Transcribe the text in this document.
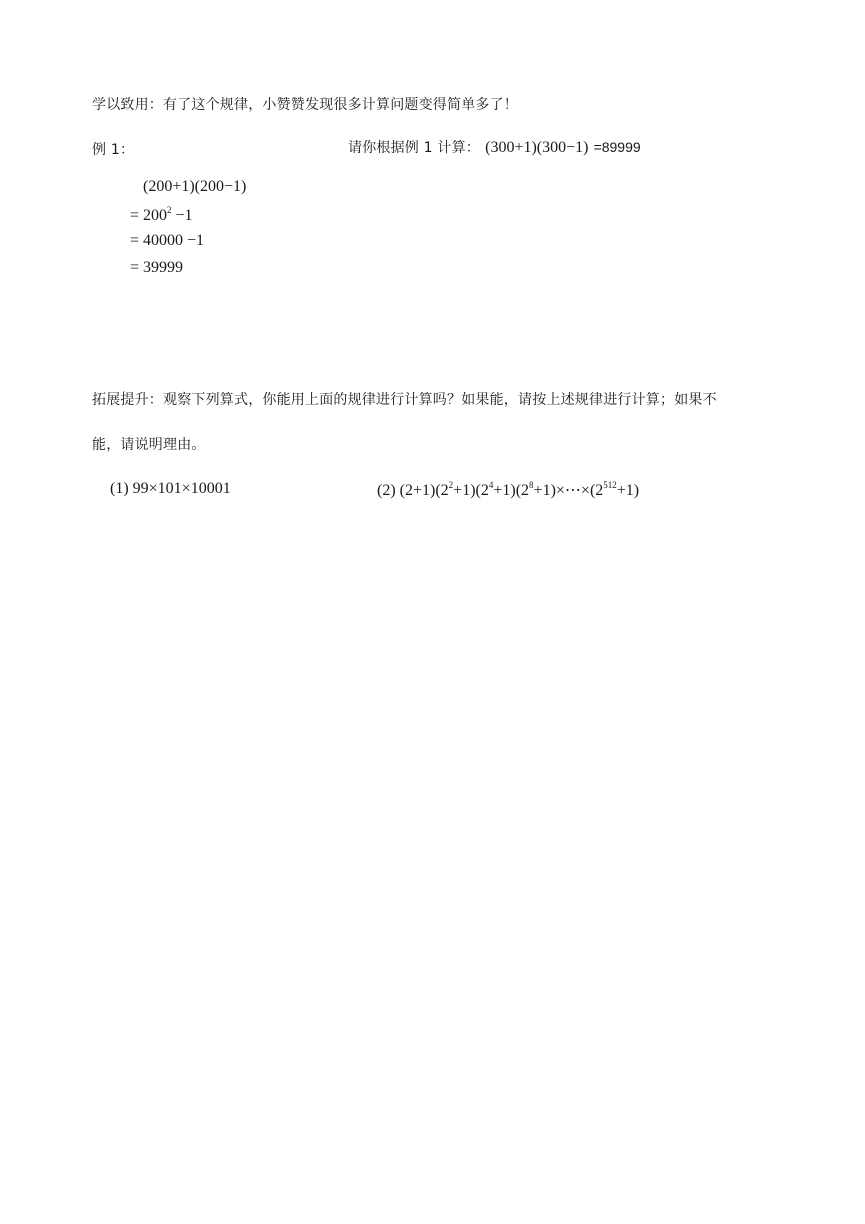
学以致用：有了这个规律，小赞赞发现很多计算问题变得简单多了！
例 1：	请你根据例 1 计算： (300+1)(300−1) =89999
(200+1)(200−1)
= $200^2 -1$
= 40000 −1
= 39999
拓展提升：观察下列算式，你能用上面的规律进行计算吗？如果能，请按上述规律进行计算；如果不
能，请说明理由。
(1) 99×101×10001	(2) $(2+1)(2^2+1)(2^4+1)(2^8+1)\times\cdots\times(2^{512}+1)$
